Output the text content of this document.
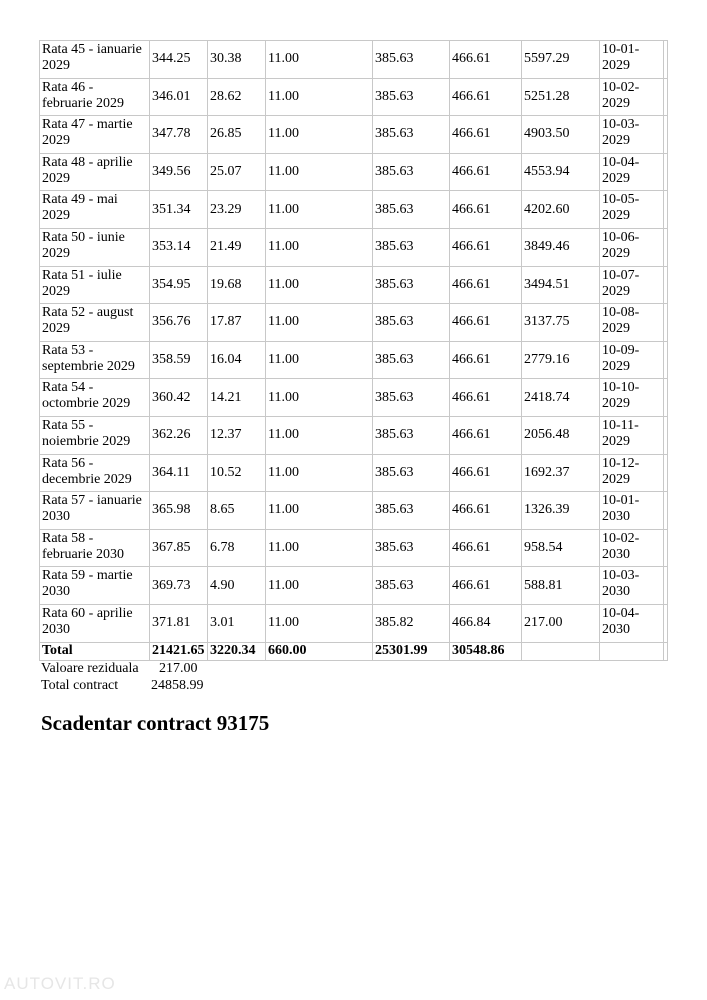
Rata 45 - ianuarie 2029	344.25	30.38	11.00	385.63	466.61	5597.29	10-01-2029	
Rata 46 - februarie 2029	346.01	28.62	11.00	385.63	466.61	5251.28	10-02-2029	
Rata 47 - martie 2029	347.78	26.85	11.00	385.63	466.61	4903.50	10-03-2029	
Rata 48 - aprilie 2029	349.56	25.07	11.00	385.63	466.61	4553.94	10-04-2029	
Rata 49 - mai 2029	351.34	23.29	11.00	385.63	466.61	4202.60	10-05-2029	
Rata 50 - iunie 2029	353.14	21.49	11.00	385.63	466.61	3849.46	10-06-2029	
Rata 51 - iulie 2029	354.95	19.68	11.00	385.63	466.61	3494.51	10-07-2029	
Rata 52 - august 2029	356.76	17.87	11.00	385.63	466.61	3137.75	10-08-2029	
Rata 53 - septembrie 2029	358.59	16.04	11.00	385.63	466.61	2779.16	10-09-2029	
Rata 54 - octombrie 2029	360.42	14.21	11.00	385.63	466.61	2418.74	10-10-2029	
Rata 55 - noiembrie 2029	362.26	12.37	11.00	385.63	466.61	2056.48	10-11-2029	
Rata 56 - decembrie 2029	364.11	10.52	11.00	385.63	466.61	1692.37	10-12-2029	
Rata 57 - ianuarie 2030	365.98	8.65	11.00	385.63	466.61	1326.39	10-01-2030	
Rata 58 - februarie 2030	367.85	6.78	11.00	385.63	466.61	958.54	10-02-2030	
Rata 59 - martie 2030	369.73	4.90	11.00	385.63	466.61	588.81	10-03-2030	
Rata 60 - aprilie 2030	371.81	3.01	11.00	385.82	466.84	217.00	10-04-2030	
Total	21421.65	3220.34	660.00	25301.99	30548.86			
Valoare reziduala	217.00
Total contract	24858.99
Scadentar contract 93175
AUTOVIT.RO
